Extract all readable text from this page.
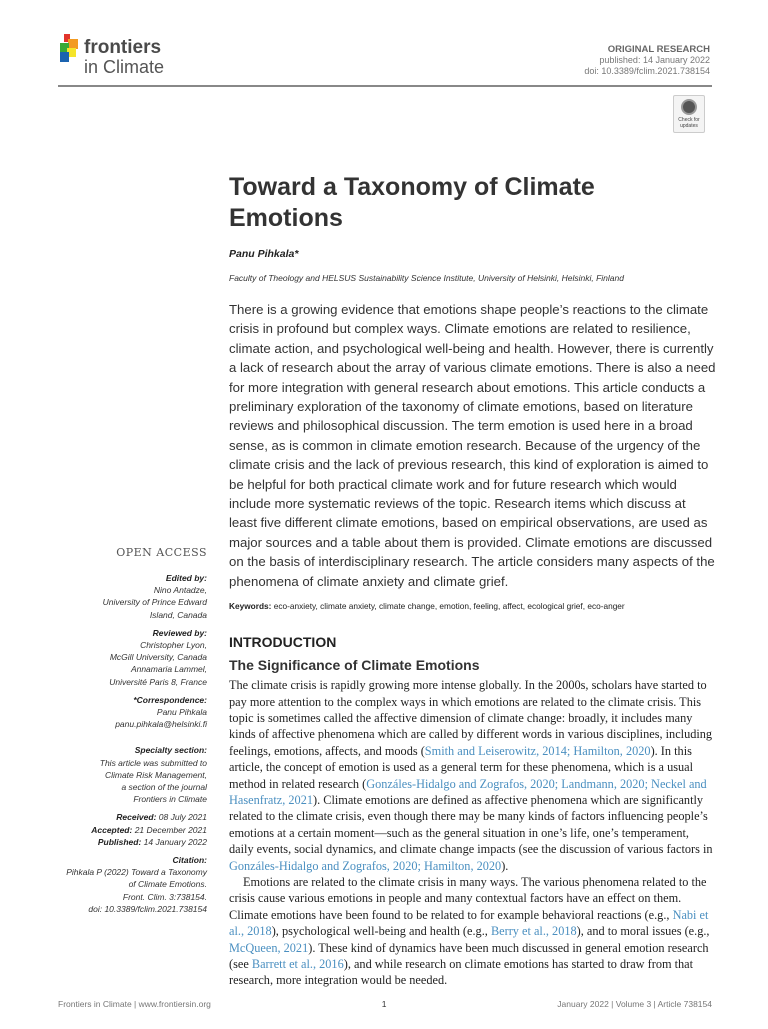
frontiers
in Climate
ORIGINAL RESEARCH
published: 14 January 2022
doi: 10.3389/fclim.2021.738154
Check for
updates
Toward a Taxonomy of Climate Emotions
Panu Pihkala*
Faculty of Theology and HELSUS Sustainability Science Institute, University of Helsinki, Helsinki, Finland
There is a growing evidence that emotions shape people’s reactions to the climate crisis in profound but complex ways. Climate emotions are related to resilience, climate action, and psychological well-being and health. However, there is currently a lack of research about the array of various climate emotions. There is also a need for more integration with general research about emotions. This article conducts a preliminary exploration of the taxonomy of climate emotions, based on literature reviews and philosophical discussion. The term emotion is used here in a broad sense, as is common in climate emotion research. Because of the urgency of the climate crisis and the lack of previous research, this kind of exploration is aimed to be helpful for both practical climate work and for future research which would include more systematic reviews of the topic. Research items which discuss at least five different climate emotions, based on empirical observations, are used as major sources and a table about them is provided. Climate emotions are discussed on the basis of interdisciplinary research. The article considers many aspects of the phenomena of climate anxiety and climate grief.
Keywords: eco-anxiety, climate anxiety, climate change, emotion, feeling, affect, ecological grief, eco-anger
INTRODUCTION
The Significance of Climate Emotions

The climate crisis is rapidly growing more intense globally. In the 2000s, scholars have started to pay more attention to the complex ways in which emotions are related to the climate crisis. This topic is sometimes called the affective dimension of climate change: broadly, it includes many kinds of affective phenomena which are called by different words in various disciplines, including feelings, emotions, affects, and moods (Smith and Leiserowitz, 2014; Hamilton, 2020). In this article, the concept of emotion is used as a general term for these phenomena, which is a usual method in related research (Gonzáles-Hidalgo and Zografos, 2020; Landmann, 2020; Neckel and Hasenfratz, 2021). Climate emotions are defined as affective phenomena which are significantly related to the climate crisis, even though there may be many kinds of factors influencing people’s emotions at a certain moment—such as the general situation in one’s life, one’s temperament, daily events, social dynamics, and climate change impacts (see the discussion of various factors in Gonzáles-Hidalgo and Zografos, 2020; Hamilton, 2020).

Emotions are related to the climate crisis in many ways. The various phenomena related to the crisis cause various emotions in people and many contextual factors have an effect on them. Climate emotions have been found to be related to for example behavioral reactions (e.g., Nabi et al., 2018), psychological well-being and health (e.g., Berry et al., 2018), and to moral issues (e.g., McQueen, 2021). These kind of dynamics have been much discussed in general emotion research (see Barrett et al., 2016), and while research on climate emotions has started to draw from that research, more integration would be needed.

OPEN ACCESS
Edited by:
Nino Antadze,
University of Prince Edward
Island, Canada
Reviewed by:
Christopher Lyon,
McGill University, Canada
Annamaria Lammel,
Université Paris 8, France
*Correspondence:
Panu Pihkala
panu.pihkala@helsinki.fi
Specialty section:
This article was submitted to
Climate Risk Management,
a section of the journal
Frontiers in Climate
Received: 08 July 2021
Accepted: 21 December 2021
Published: 14 January 2022
Citation:
Pihkala P (2022) Toward a Taxonomy
of Climate Emotions.
Front. Clim. 3:738154.
doi: 10.3389/fclim.2021.738154
Frontiers in Climate | www.frontiersin.org	1	January 2022 | Volume 3 | Article 738154
